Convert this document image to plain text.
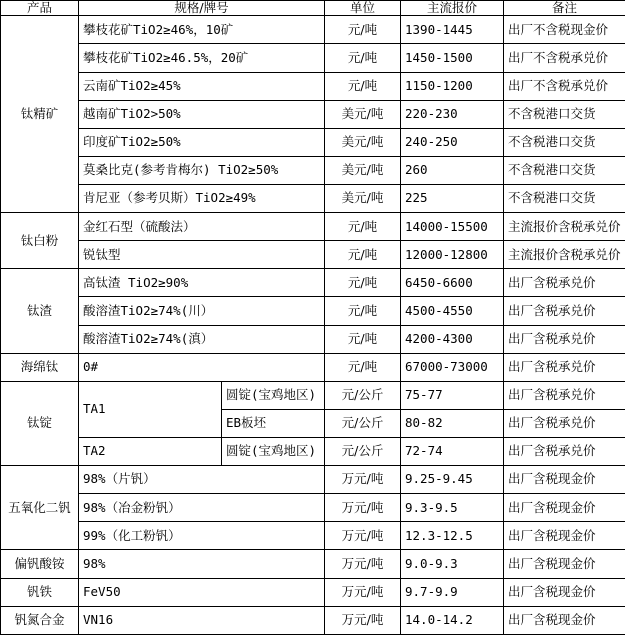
产品	规格/牌号		单位	主流报价	备注
钛精矿	攀枝花矿TiO2≥46%，10矿		元/吨	1390-1445	出厂不含税现金价
	攀枝花矿TiO2≥46.5%，20矿		元/吨	1450-1500	出厂不含税承兑价
	云南矿TiO2≥45%		元/吨	1150-1200	出厂不含税承兑价
	越南矿TiO2>50%		美元/吨	220-230	不含税港口交货
	印度矿TiO2≥50%		美元/吨	240-250	不含税港口交货
	莫桑比克(参考肯梅尔) TiO2≥50%		美元/吨	260	不含税港口交货
	肯尼亚（参考贝斯）TiO2≥49%		美元/吨	225	不含税港口交货
钛白粉	金红石型（硫酸法）		元/吨	14000-15500	主流报价含税承兑价
	锐钛型		元/吨	12000-12800	主流报价含税承兑价
钛渣	高钛渣 TiO2≥90%		元/吨	6450-6600	出厂含税承兑价
	酸溶渣TiO2≥74%(川）		元/吨	4500-4550	出厂含税承兑价
	酸溶渣TiO2≥74%(滇）		元/吨	4200-4300	出厂含税承兑价
海绵钛	0#		元/吨	67000-73000	出厂含税承兑价
钛锭	TA1	圆锭(宝鸡地区)	元/公斤	75-77	出厂含税承兑价
		EB板坯	元/公斤	80-82	出厂含税承兑价
	TA2	圆锭(宝鸡地区)	元/公斤	72-74	出厂含税承兑价
五氧化二钒	98%（片钒）		万元/吨	9.25-9.45	出厂含税现金价
	98%（冶金粉钒）		万元/吨	9.3-9.5	出厂含税现金价
	99%（化工粉钒）		万元/吨	12.3-12.5	出厂含税现金价
偏钒酸铵	98%		万元/吨	9.0-9.3	出厂含税现金价
钒铁	FeV50		万元/吨	9.7-9.9	出厂含税现金价
钒氮合金	VN16		万元/吨	14.0-14.2	出厂含税现金价
